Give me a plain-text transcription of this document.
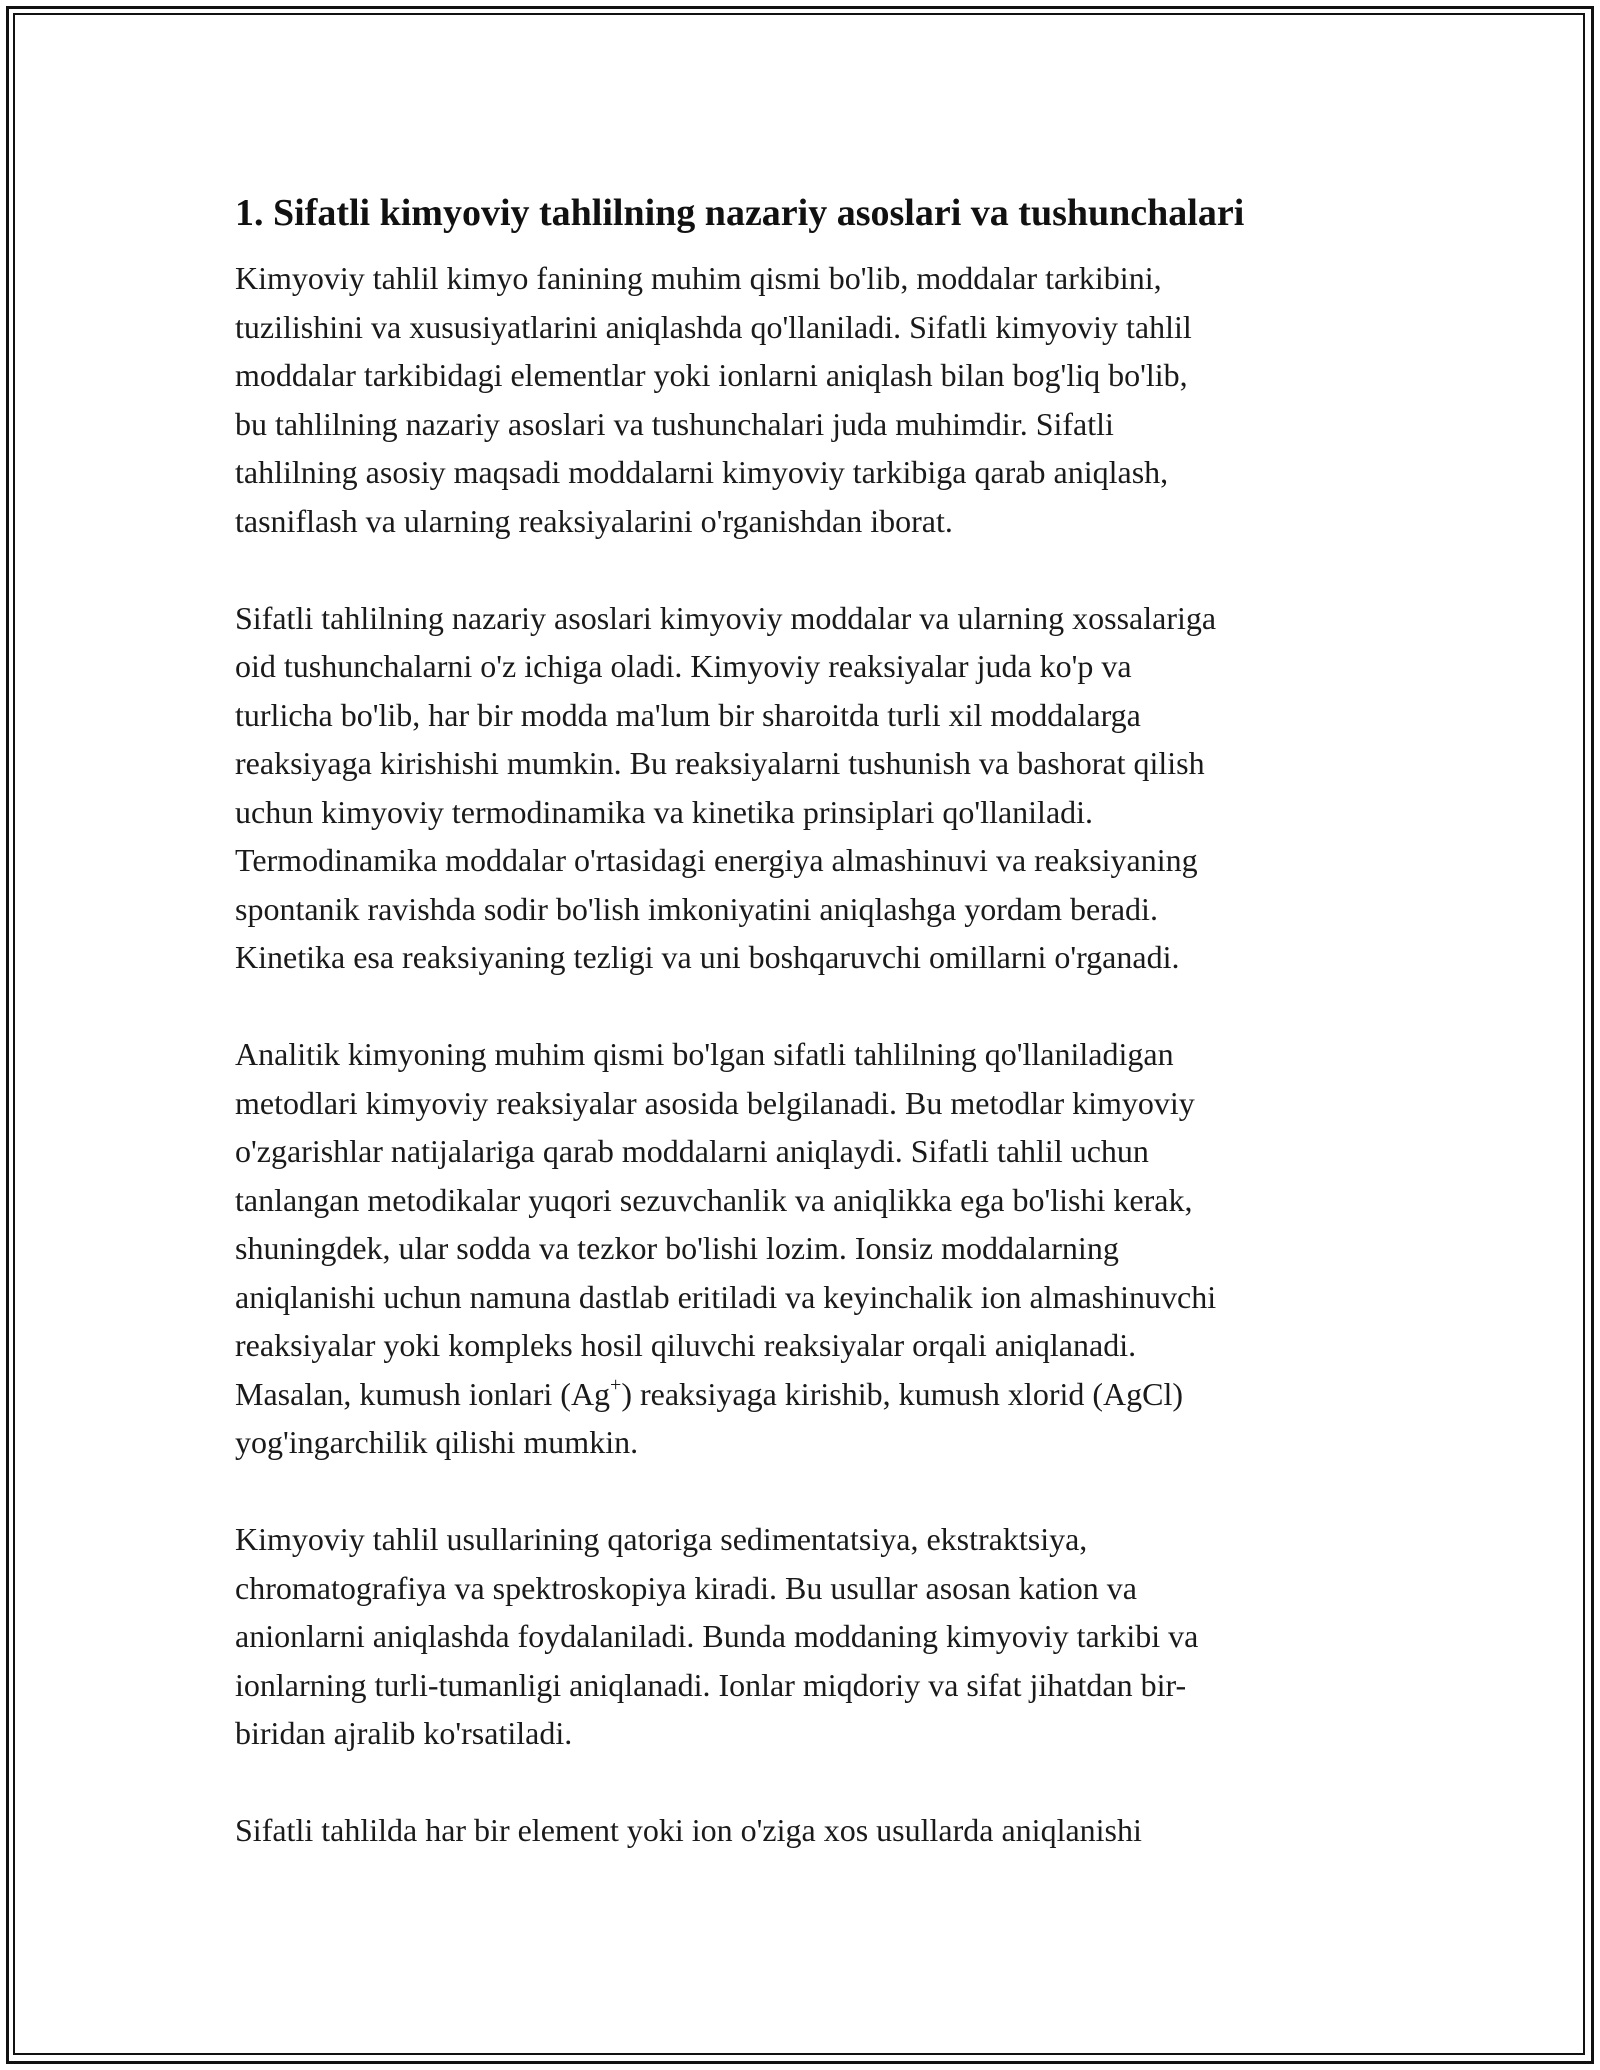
1. Sifatli kimyoviy tahlilning nazariy asoslari va tushunchalari
Kimyoviy tahlil kimyo fanining muhim qismi bo'lib, moddalar tarkibini,
tuzilishini va xususiyatlarini aniqlashda qo'llaniladi. Sifatli kimyoviy tahlil
moddalar tarkibidagi elementlar yoki ionlarni aniqlash bilan bog'liq bo'lib,
bu tahlilning nazariy asoslari va tushunchalari juda muhimdir. Sifatli
tahlilning asosiy maqsadi moddalarni kimyoviy tarkibiga qarab aniqlash,
tasniflash va ularning reaksiyalarini o'rganishdan iborat.
Sifatli tahlilning nazariy asoslari kimyoviy moddalar va ularning xossalariga
oid tushunchalarni o'z ichiga oladi. Kimyoviy reaksiyalar juda ko'p va
turlicha bo'lib, har bir modda ma'lum bir sharoitda turli xil moddalarga
reaksiyaga kirishishi mumkin. Bu reaksiyalarni tushunish va bashorat qilish
uchun kimyoviy termodinamika va kinetika prinsiplari qo'llaniladi.
Termodinamika moddalar o'rtasidagi energiya almashinuvi va reaksiyaning
spontanik ravishda sodir bo'lish imkoniyatini aniqlashga yordam beradi.
Kinetika esa reaksiyaning tezligi va uni boshqaruvchi omillarni o'rganadi.
Analitik kimyoning muhim qismi bo'lgan sifatli tahlilning qo'llaniladigan
metodlari kimyoviy reaksiyalar asosida belgilanadi. Bu metodlar kimyoviy
o'zgarishlar natijalariga qarab moddalarni aniqlaydi. Sifatli tahlil uchun
tanlangan metodikalar yuqori sezuvchanlik va aniqlikka ega bo'lishi kerak,
shuningdek, ular sodda va tezkor bo'lishi lozim. Ionsiz moddalarning
aniqlanishi uchun namuna dastlab eritiladi va keyinchalik ion almashinuvchi
reaksiyalar yoki kompleks hosil qiluvchi reaksiyalar orqali aniqlanadi.
Masalan, kumush ionlari (Ag+) reaksiyaga kirishib, kumush xlorid (AgCl)
yog'ingarchilik qilishi mumkin.
Kimyoviy tahlil usullarining qatoriga sedimentatsiya, ekstraktsiya,
chromatografiya va spektroskopiya kiradi. Bu usullar asosan kation va
anionlarni aniqlashda foydalaniladi. Bunda moddaning kimyoviy tarkibi va
ionlarning turli-tumanligi aniqlanadi. Ionlar miqdoriy va sifat jihatdan bir-
biridan ajralib ko'rsatiladi.
Sifatli tahlilda har bir element yoki ion o'ziga xos usullarda aniqlanishi
